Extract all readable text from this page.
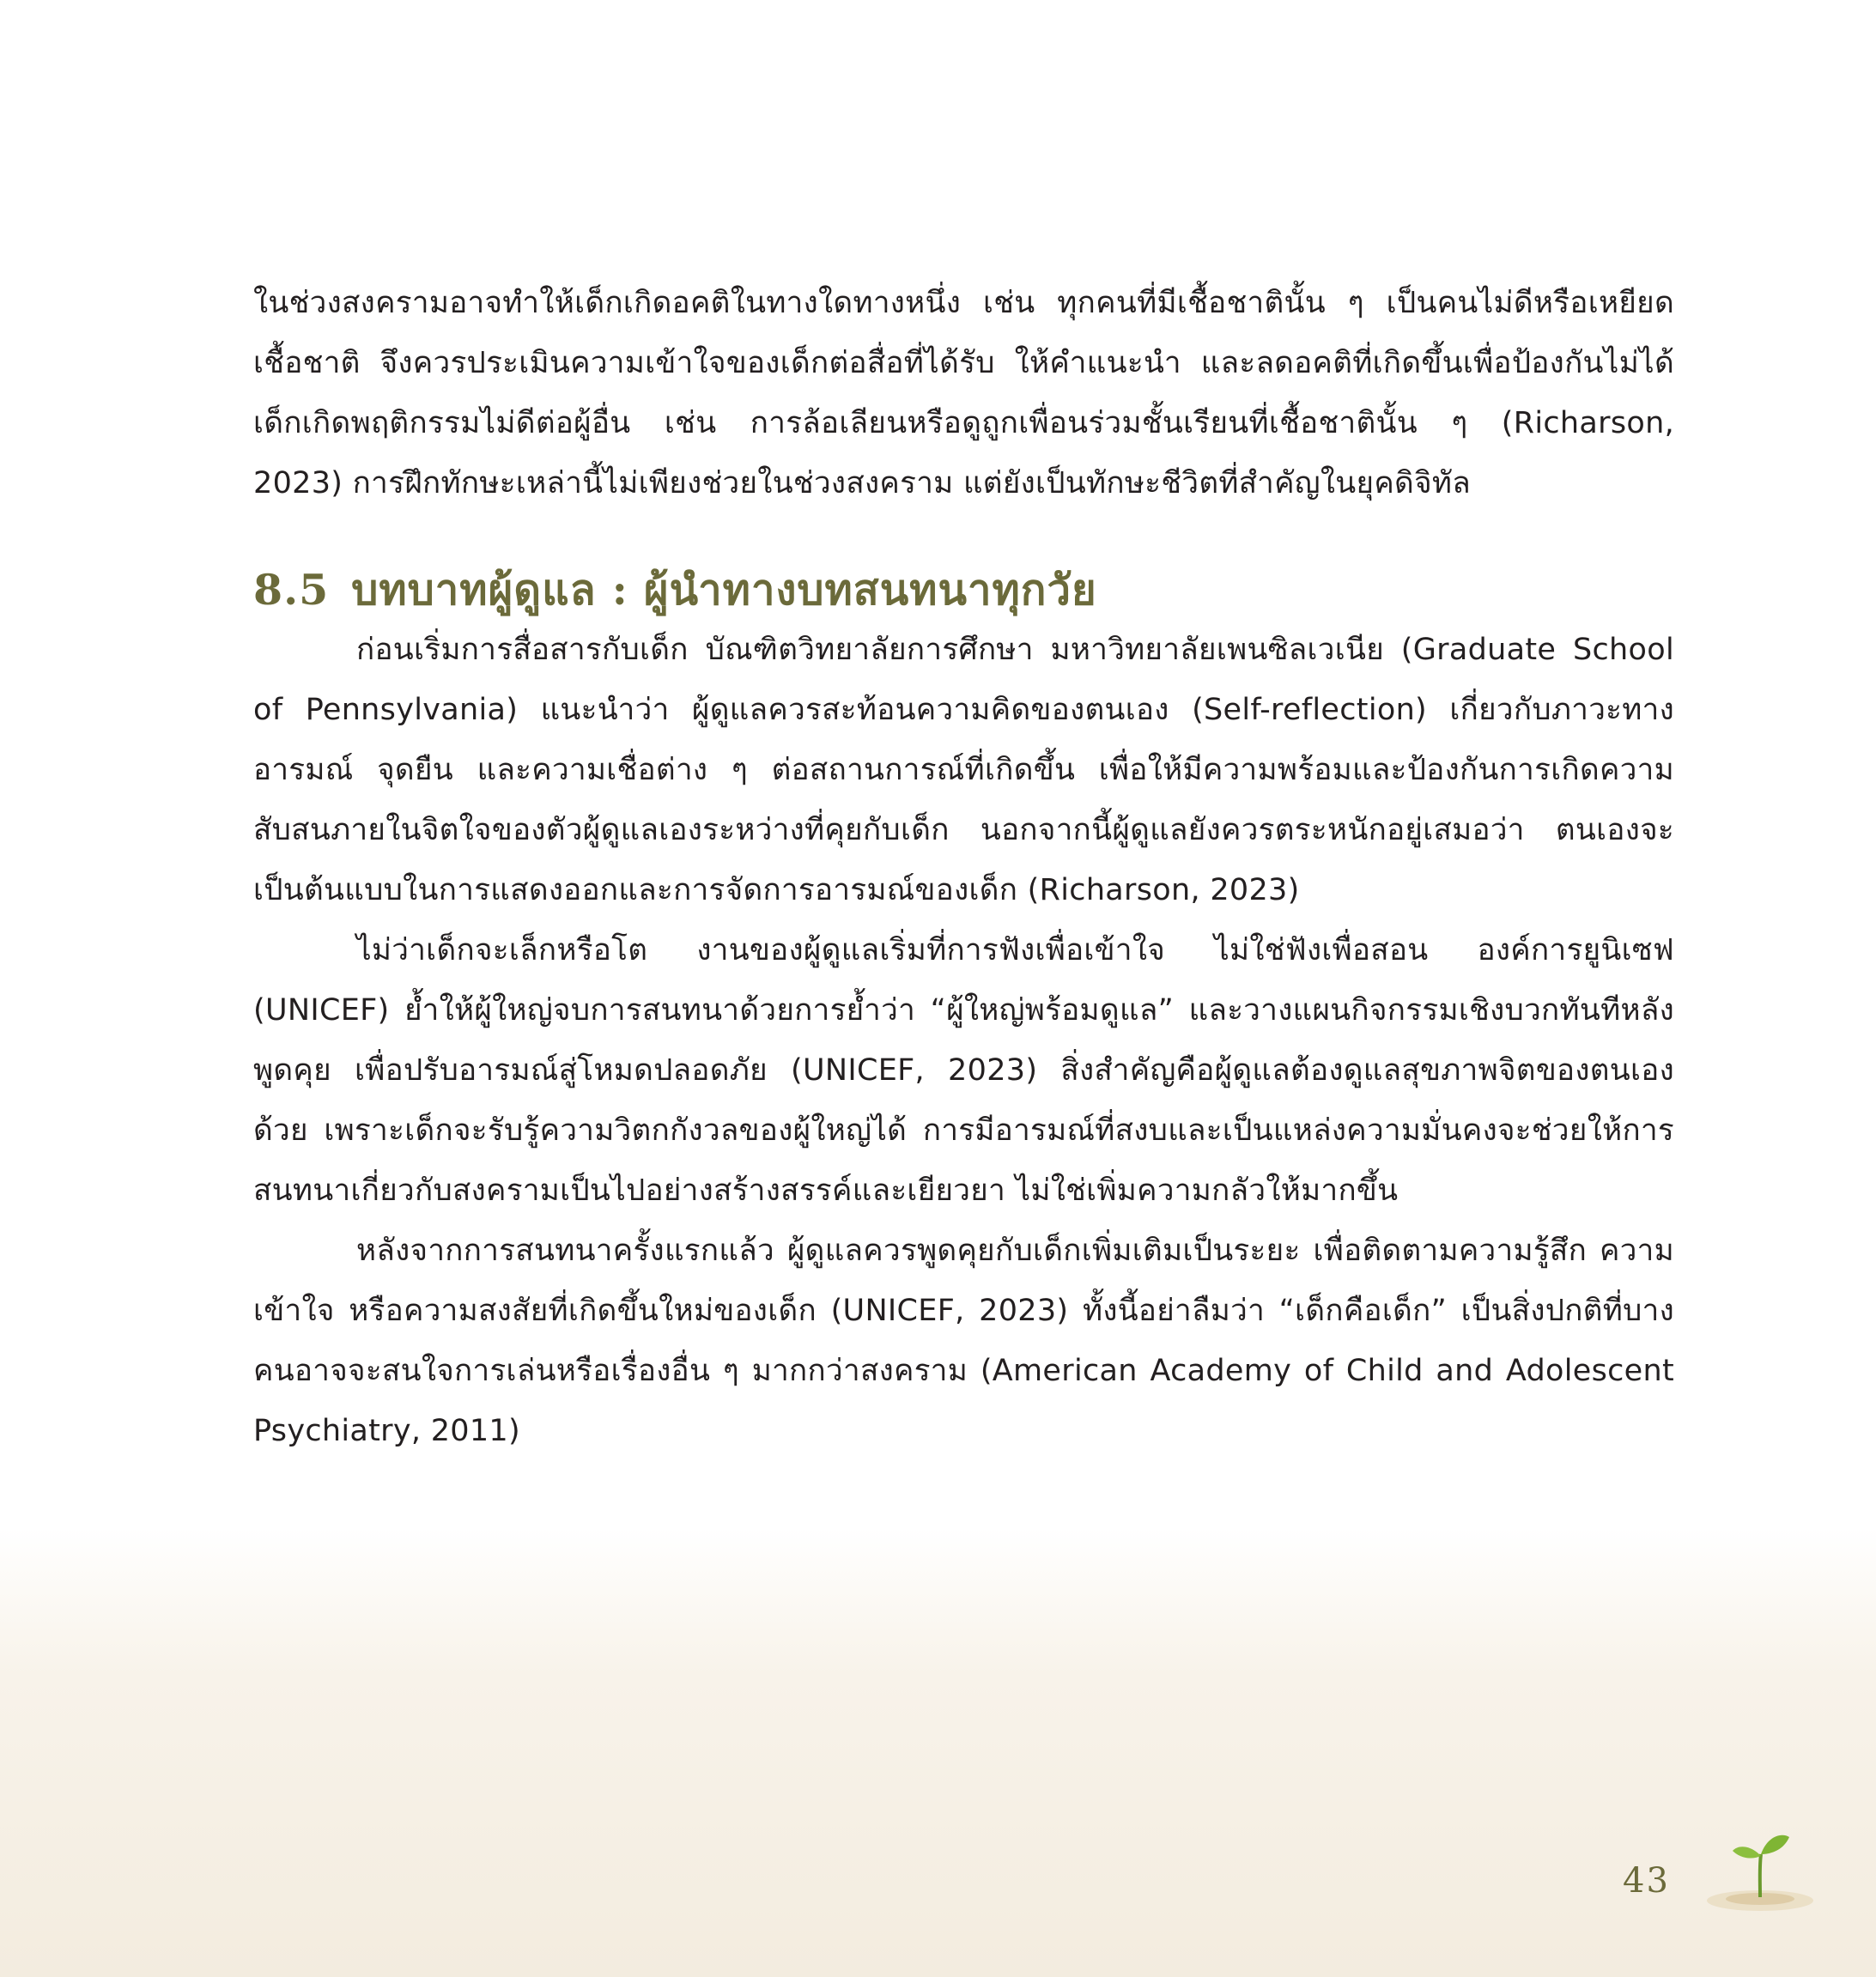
ในช่วงสงครามอาจทำให้เด็กเกิดอคติในทางใดทางหนึ่ง เช่น ทุกคนที่มีเชื้อชาตินั้น ๆ เป็นคนไม่ดีหรือเหยียดเชื้อชาติ จึงควรประเมินความเข้าใจของเด็กต่อสื่อที่ได้รับ ให้คำแนะนำ และลดอคติที่เกิดขึ้นเพื่อป้องกันไม่ได้เด็กเกิดพฤติกรรมไม่ดีต่อผู้อื่น เช่น การล้อเลียนหรือดูถูกเพื่อนร่วมชั้นเรียนที่เชื้อชาตินั้น ๆ (Richarson, 2023) การฝึกทักษะเหล่านี้ไม่เพียงช่วยในช่วงสงคราม แต่ยังเป็นทักษะชีวิตที่สำคัญในยุคดิจิทัล

8.5 บทบาทผู้ดูแล : ผู้นำทางบทสนทนาทุกวัย

ก่อนเริ่มการสื่อสารกับเด็ก บัณฑิตวิทยาลัยการศึกษา มหาวิทยาลัยเพนซิลเวเนีย (Graduate School of Pennsylvania) แนะนำว่า ผู้ดูแลควรสะท้อนความคิดของตนเอง (Self-reflection) เกี่ยวกับภาวะทางอารมณ์ จุดยืน และความเชื่อต่าง ๆ ต่อสถานการณ์ที่เกิดขึ้น เพื่อให้มีความพร้อมและป้องกันการเกิดความสับสนภายในจิตใจของตัวผู้ดูแลเองระหว่างที่คุยกับเด็ก นอกจากนี้ผู้ดูแลยังควรตระหนักอยู่เสมอว่า ตนเองจะเป็นต้นแบบในการแสดงออกและการจัดการอารมณ์ของเด็ก (Richarson, 2023)

ไม่ว่าเด็กจะเล็กหรือโต งานของผู้ดูแลเริ่มที่การฟังเพื่อเข้าใจ ไม่ใช่ฟังเพื่อสอน องค์การยูนิเซฟ (UNICEF) ย้ำให้ผู้ใหญ่จบการสนทนาด้วยการย้ำว่า “ผู้ใหญ่พร้อมดูแล” และวางแผนกิจกรรมเชิงบวกทันทีหลังพูดคุย เพื่อปรับอารมณ์สู่โหมดปลอดภัย (UNICEF, 2023) สิ่งสำคัญคือผู้ดูแลต้องดูแลสุขภาพจิตของตนเองด้วย เพราะเด็กจะรับรู้ความวิตกกังวลของผู้ใหญ่ได้ การมีอารมณ์ที่สงบและเป็นแหล่งความมั่นคงจะช่วยให้การสนทนาเกี่ยวกับสงครามเป็นไปอย่างสร้างสรรค์และเยียวยา ไม่ใช่เพิ่มความกลัวให้มากขึ้น

หลังจากการสนทนาครั้งแรกแล้ว ผู้ดูแลควรพูดคุยกับเด็กเพิ่มเติมเป็นระยะ เพื่อติดตามความรู้สึก ความเข้าใจ หรือความสงสัยที่เกิดขึ้นใหม่ของเด็ก (UNICEF, 2023) ทั้งนี้อย่าลืมว่า “เด็กคือเด็ก” เป็นสิ่งปกติที่บางคนอาจจะสนใจการเล่นหรือเรื่องอื่น ๆ มากกว่าสงคราม (American Academy of Child and Adolescent Psychiatry, 2011)

43
